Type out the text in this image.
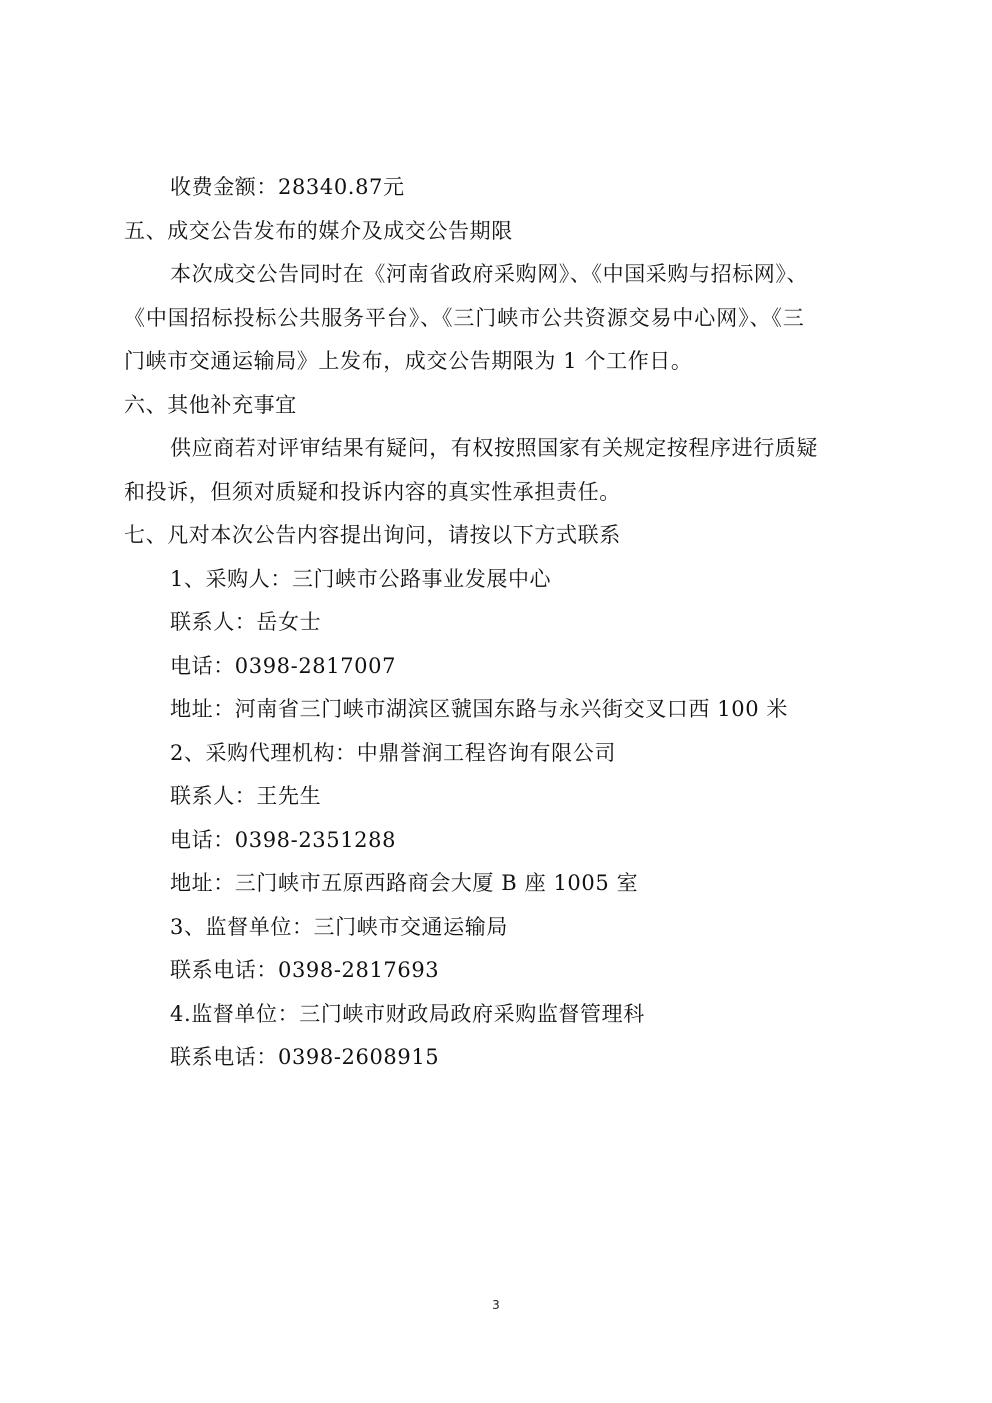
收费金额：28340.87元
五、成交公告发布的媒介及成交公告期限
本次成交公告同时在《河南省政府采购网》、《中国采购与招标网》、
《中国招标投标公共服务平台》、《三门峡市公共资源交易中心网》、《三
门峡市交通运输局》上发布，成交公告期限为 1 个工作日。
六、其他补充事宜
供应商若对评审结果有疑问，有权按照国家有关规定按程序进行质疑
和投诉，但须对质疑和投诉内容的真实性承担责任。
七、凡对本次公告内容提出询问，请按以下方式联系
1、采购人：三门峡市公路事业发展中心
联系人：岳女士
电话：0398-2817007
地址：河南省三门峡市湖滨区虢国东路与永兴街交叉口西 100 米
2、采购代理机构：中鼎誉润工程咨询有限公司
联系人：王先生
电话：0398-2351288
地址：三门峡市五原西路商会大厦 B 座 1005 室
3、监督单位：三门峡市交通运输局
联系电话：0398-2817693
4.监督单位：三门峡市财政局政府采购监督管理科
联系电话：0398-2608915
3
